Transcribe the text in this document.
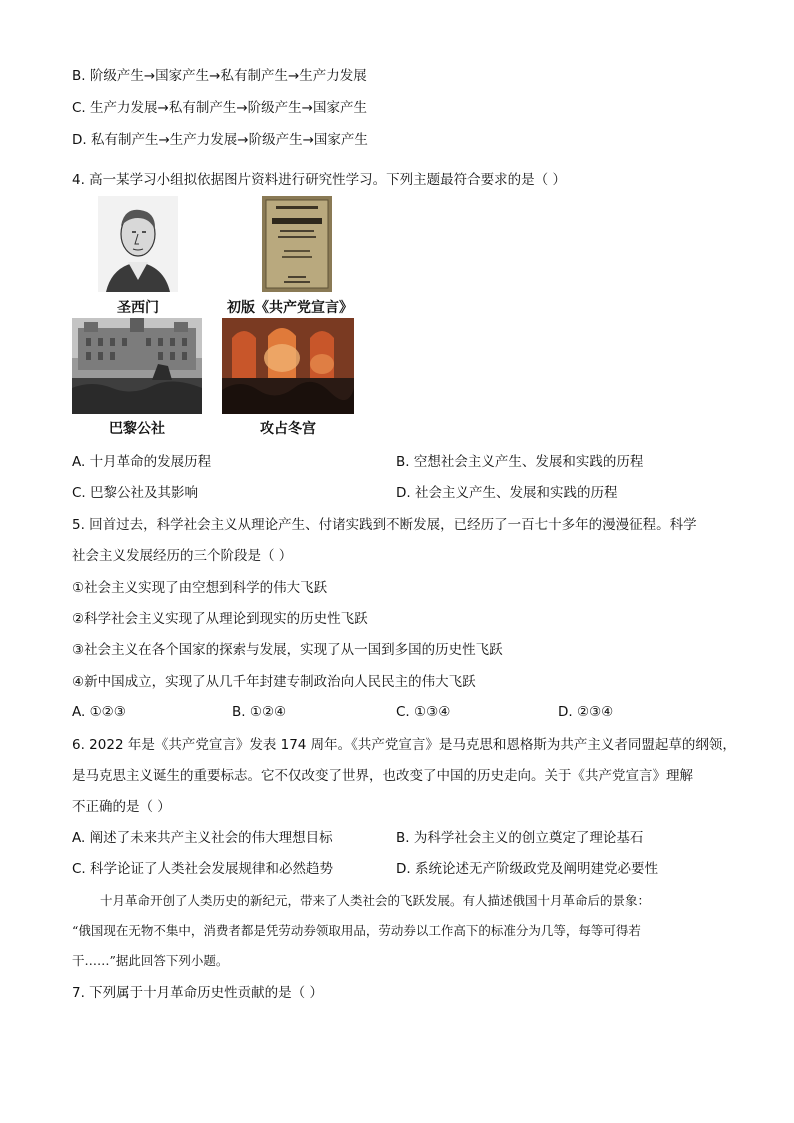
B. 阶级产生→国家产生→私有制产生→生产力发展
C. 生产力发展→私有制产生→阶级产生→国家产生
D. 私有制产生→生产力发展→阶级产生→国家产生
4. 高一某学习小组拟依据图片资料进行研究性学习。下列主题最符合要求的是（ ）
圣西门	初版《共产党宣言》
巴黎公社	攻占冬宫
A. 十月革命的发展历程	B. 空想社会主义产生、发展和实践的历程
C. 巴黎公社及其影响	D. 社会主义产生、发展和实践的历程
5. 回首过去，科学社会主义从理论产生、付诸实践到不断发展，已经历了一百七十多年的漫漫征程。科学
社会主义发展经历的三个阶段是（ ）
①社会主义实现了由空想到科学的伟大飞跃
②科学社会主义实现了从理论到现实的历史性飞跃
③社会主义在各个国家的探索与发展，实现了从一国到多国的历史性飞跃
④新中国成立，实现了从几千年封建专制政治向人民民主的伟大飞跃
A. ①②③	B. ①②④	C. ①③④	D. ②③④
6. 2022 年是《共产党宣言》发表 174 周年。《共产党宣言》是马克思和恩格斯为共产主义者同盟起草的纲领，
是马克思主义诞生的重要标志。它不仅改变了世界，也改变了中国的历史走向。关于《共产党宣言》理解
不正确的是（ ）
A. 阐述了未来共产主义社会的伟大理想目标	B. 为科学社会主义的创立奠定了理论基石
C. 科学论证了人类社会发展规律和必然趋势	D. 系统论述无产阶级政党及阐明建党必要性
十月革命开创了人类历史的新纪元，带来了人类社会的飞跃发展。有人描述俄国十月革命后的景象：
“俄国现在无物不集中，消费者都是凭劳动券领取用品，劳动券以工作高下的标准分为几等，每等可得若
干……”据此回答下列小题。
7. 下列属于十月革命历史性贡献的是（ ）
